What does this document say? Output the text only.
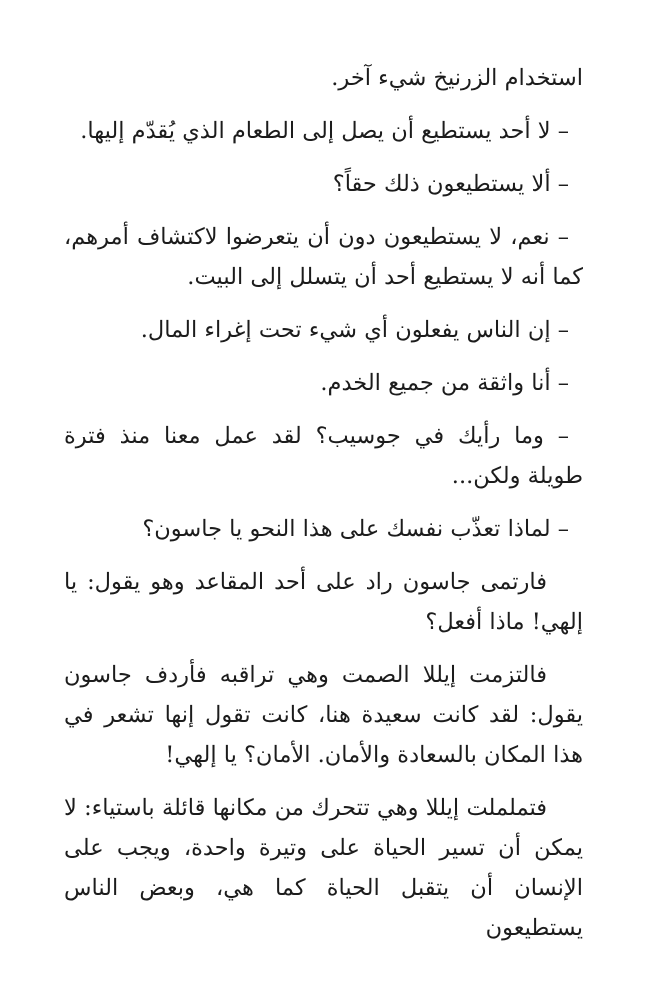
استخدام الزرنيخ شيء آخر.

– لا أحد يستطيع أن يصل إلى الطعام الذي يُقدّم إليها.

– ألا يستطيعون ذلك حقاً؟

– نعم، لا يستطيعون دون أن يتعرضوا لاكتشاف أمرهم، كما أنه لا يستطيع أحد أن يتسلل إلى البيت.

– إن الناس يفعلون أي شيء تحت إغراء المال.

– أنا واثقة من جميع الخدم.

– وما رأيك في جوسيب؟ لقد عمل معنا منذ فترة طويلة ولكن...

– لماذا تعذّب نفسك على هذا النحو يا جاسون؟

فارتمى جاسون راد على أحد المقاعد وهو يقول: يا إلهي! ماذا أفعل؟

فالتزمت إيللا الصمت وهي تراقبه فأردف جاسون يقول: لقد كانت سعيدة هنا، كانت تقول إنها تشعر في هذا المكان بالسعادة والأمان. الأمان؟ يا إلهي!

فتململت إيللا وهي تتحرك من مكانها قائلة باستياء: لا يمكن أن تسير الحياة على وتيرة واحدة، ويجب على الإنسان أن يتقبل الحياة كما هي، وبعض الناس يستطيعون
